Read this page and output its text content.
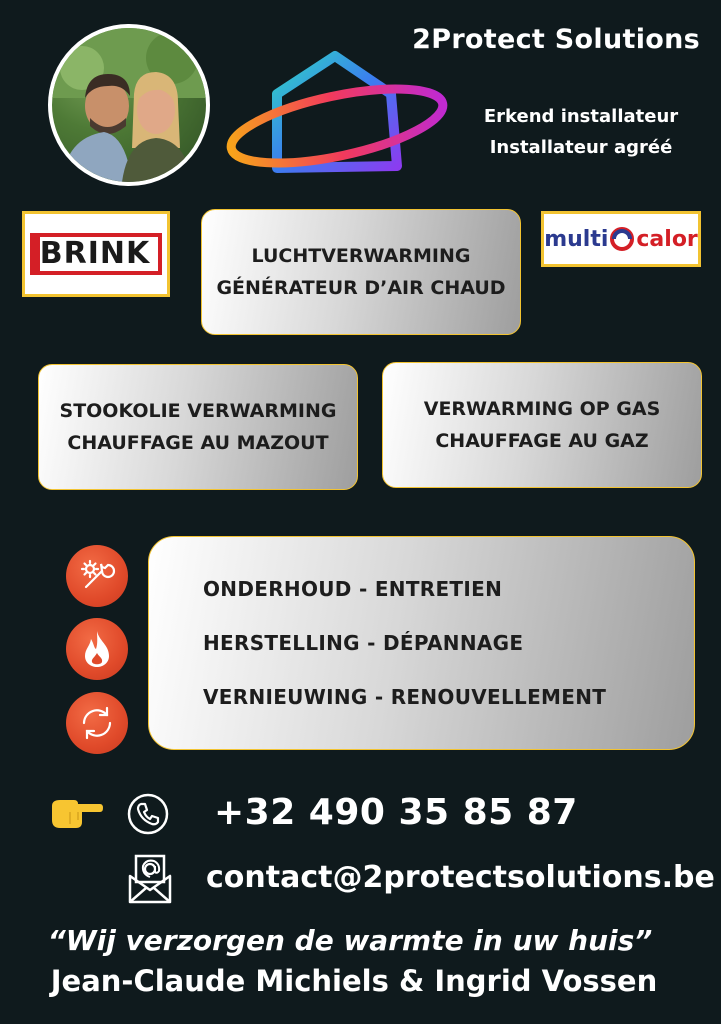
2Protect Solutions
Erkend installateur
Installateur agréé
BRINK	multi calor
LUCHTVERWARMING
GÉNÉRATEUR D’AIR CHAUD
STOOKOLIE VERWARMING
CHAUFFAGE AU MAZOUT
VERWARMING OP GAS
CHAUFFAGE AU GAZ
ONDERHOUD - ENTRETIEN
HERSTELLING - DÉPANNAGE
VERNIEUWING - RENOUVELLEMENT
+32 490 35 85 87
contact@2protectsolutions.be
“Wij verzorgen de warmte in uw huis”
Jean-Claude Michiels & Ingrid Vossen
